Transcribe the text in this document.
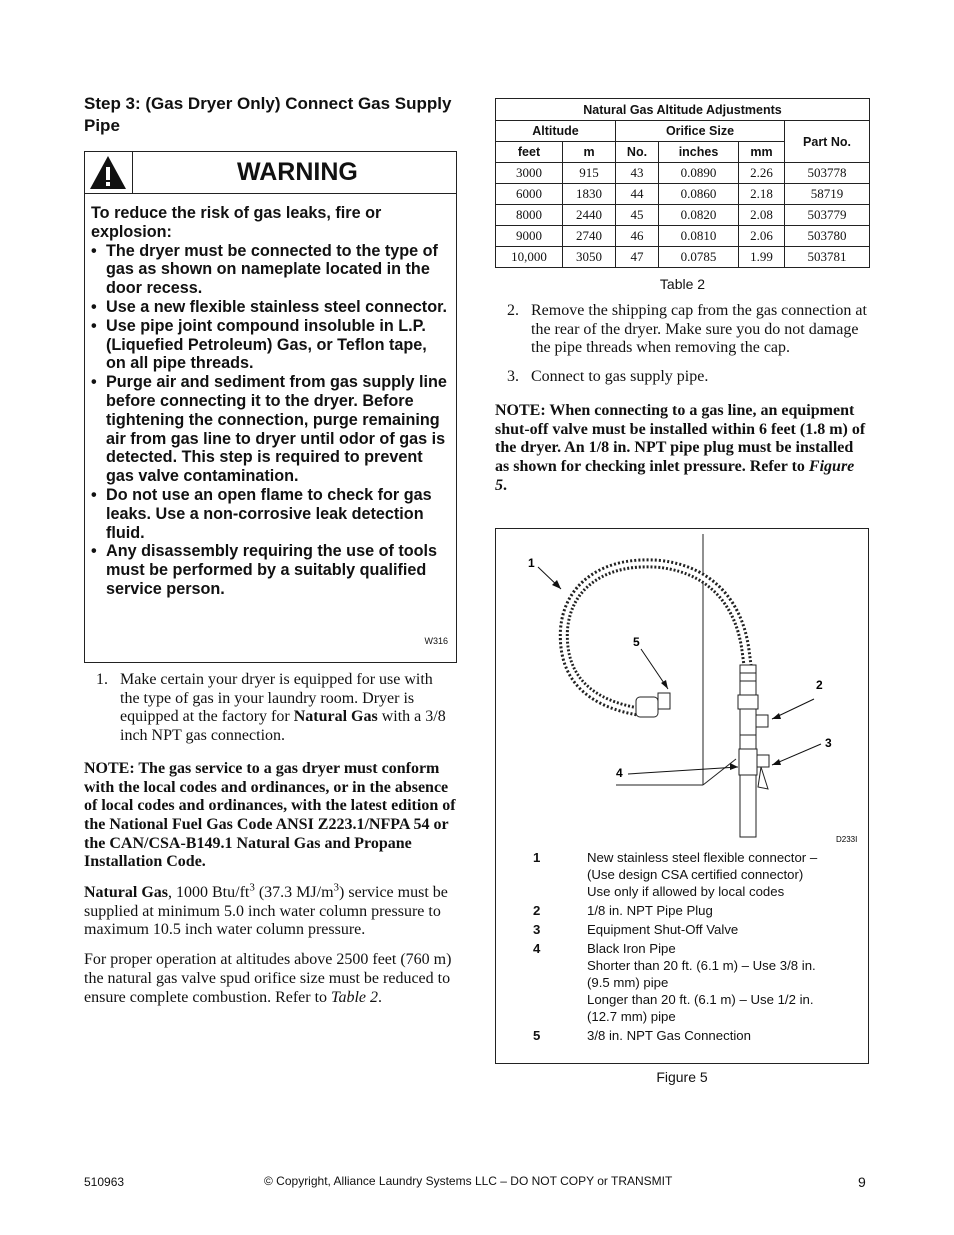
Step 3: (Gas Dryer Only) Connect Gas Supply Pipe
WARNING
To reduce the risk of gas leaks, fire or explosion:
• The dryer must be connected to the type of gas as shown on nameplate located in the door recess.
• Use a new flexible stainless steel connector.
• Use pipe joint compound insoluble in L.P. (Liquefied Petroleum) Gas, or Teflon tape, on all pipe threads.
• Purge air and sediment from gas supply line before connecting it to the dryer. Before tightening the connection, purge remaining air from gas line to dryer until odor of gas is detected. This step is required to prevent gas valve contamination.
• Do not use an open flame to check for gas leaks. Use a non-corrosive leak detection fluid.
• Any disassembly requiring the use of tools must be performed by a suitably qualified service person.
W316

1. Make certain your dryer is equipped for use with the type of gas in your laundry room. Dryer is equipped at the factory for Natural Gas with a 3/8 inch NPT gas connection.

NOTE: The gas service to a gas dryer must conform with the local codes and ordinances, or in the absence of local codes and ordinances, with the latest edition of the National Fuel Gas Code ANSI Z223.1/NFPA 54 or the CAN/CSA-B149.1 Natural Gas and Propane Installation Code.

Natural Gas, 1000 Btu/$ft^3$ (37.3 $MJ/m^3$) service must be supplied at minimum 5.0 inch water column pressure to maximum 10.5 inch water column pressure.

For proper operation at altitudes above 2500 feet (760 m) the natural gas valve spud orifice size must be reduced to ensure complete combustion. Refer to Table 2.

Natural Gas Altitude Adjustments					
Altitude		Orifice Size			Part No.
feet	m	No.	inches	mm	
3000	915	43	0.0890	2.26	503778
6000	1830	44	0.0860	2.18	58719
8000	2440	45	0.0820	2.08	503779
9000	2740	46	0.0810	2.06	503780
10,000	3050	47	0.0785	1.99	503781
Table 2

2. Remove the shipping cap from the gas connection at the rear of the dryer. Make sure you do not damage the pipe threads when removing the cap.

3. Connect to gas supply pipe.

NOTE: When connecting to a gas line, an equipment shut-off valve must be installed within 6 feet (1.8 m) of the dryer. An 1/8 in. NPT pipe plug must be installed as shown for checking inlet pressure. Refer to Figure 5.

1
5
2
3
4
D233I
1	New stainless steel flexible connector –
(Use design CSA certified connector)
Use only if allowed by local codes
2	1/8 in. NPT Pipe Plug
3	Equipment Shut-Off Valve
4	Black Iron Pipe
Shorter than 20 ft. (6.1 m) – Use 3/8 in.
(9.5 mm) pipe
Longer than 20 ft. (6.1 m) – Use 1/2 in.
(12.7 mm) pipe
5	3/8 in. NPT Gas Connection
Figure 5
510963	© Copyright, Alliance Laundry Systems LLC – DO NOT COPY or TRANSMIT	9
